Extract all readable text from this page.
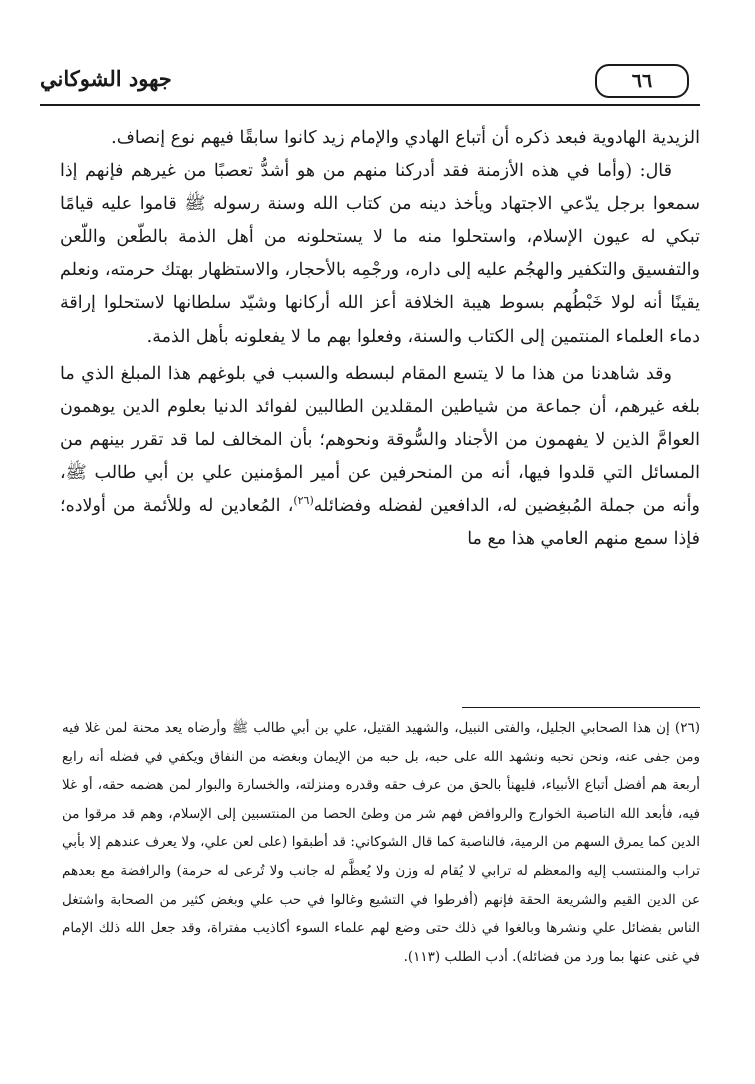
جهود الشوكاني	٦٦

الزيدية الهادوية فبعد ذكره أن أتباع الهادي والإمام زيد كانوا سابقًا فيهم نوع إنصاف.

قال: (وأما في هذه الأزمنة فقد أدركنا منهم من هو أشدُّ تعصبًا من غيرهم فإنهم إذا سمعوا برجل يدّعي الاجتهاد ويأخذ دينه من كتاب الله وسنة رسوله ﷺ قاموا عليه قيامًا تبكي له عيون الإسلام، واستحلوا منه ما لا يستحلونه من أهل الذمة بالطّعن واللّعن والتفسيق والتكفير والهجُم عليه إلى داره، ورجْمِه بالأحجار، والاستظهار بهتك حرمته، ونعلم يقينًا أنه لولا خَبْطُهم بسوط هيبة الخلافة أعز الله أركانها وشيّد سلطانها لاستحلوا إراقة دماء العلماء المنتمين إلى الكتاب والسنة، وفعلوا بهم ما لا يفعلونه بأهل الذمة.

وقد شاهدنا من هذا ما لا يتسع المقام لبسطه والسبب في بلوغهم هذا المبلغ الذي ما بلغه غيرهم، أن جماعة من شياطين المقلدين الطالبين لفوائد الدنيا بعلوم الدين يوهمون العوامَّ الذين لا يفهمون من الأجناد والسُّوقة ونحوهم؛ بأن المخالف لما قد تقرر بينهم من المسائل التي قلدوا فيها، أنه من المنحرفين عن أمير المؤمنين علي بن أبي طالب ﷺ، وأنه من جملة المُبغِضين له، الدافعين لفضله وفضائله$^{(٢٦)}$، المُعادين له وللأئمة من أولاده؛ فإذا سمع منهم العامي هذا مع ما

(٢٦) إن هذا الصحابي الجليل، والفتى النبيل، والشهيد القتيل، علي بن أبي طالب ﷺ وأرضاه يعد محنة لمن غلا فيه ومن جفى عنه، ونحن نحبه ونشهد الله على حبه، بل حبه من الإيمان وبغضه من النفاق ويكفي في فضله أنه رابع أربعة هم أفضل أتباع الأنبياء، فليهنأ بالحق من عرف حقه وقدره ومنزلته، والخسارة والبوار لمن هضمه حقه، أو غلا فيه، فأبعد الله الناصبة الخوارج والروافض فهم شر من وطئ الحصا من المنتسبين إلى الإسلام، وهم قد مرقوا من الدين كما يمرق السهم من الرمية، فالناصبة كما قال الشوكاني: قد أطبقوا (على لعن علي، ولا يعرف عندهم إلا بأبي تراب والمنتسب إليه والمعظم له ترابي لا يُقام له وزن ولا يُعظَّم له جانب ولا تُرعى له حرمة) والرافضة مع بعدهم عن الدين القيم والشريعة الحقة فإنهم (أفرطوا في التشيع وغالوا في حب علي وبغض كثير من الصحابة واشتغل الناس بفضائل علي ونشرها وبالغوا في ذلك حتى وضع لهم علماء السوء أكاذيب مفتراة، وقد جعل الله ذلك الإمام في غنى عنها بما ورد من فضائله). أدب الطلب (١١٣).
